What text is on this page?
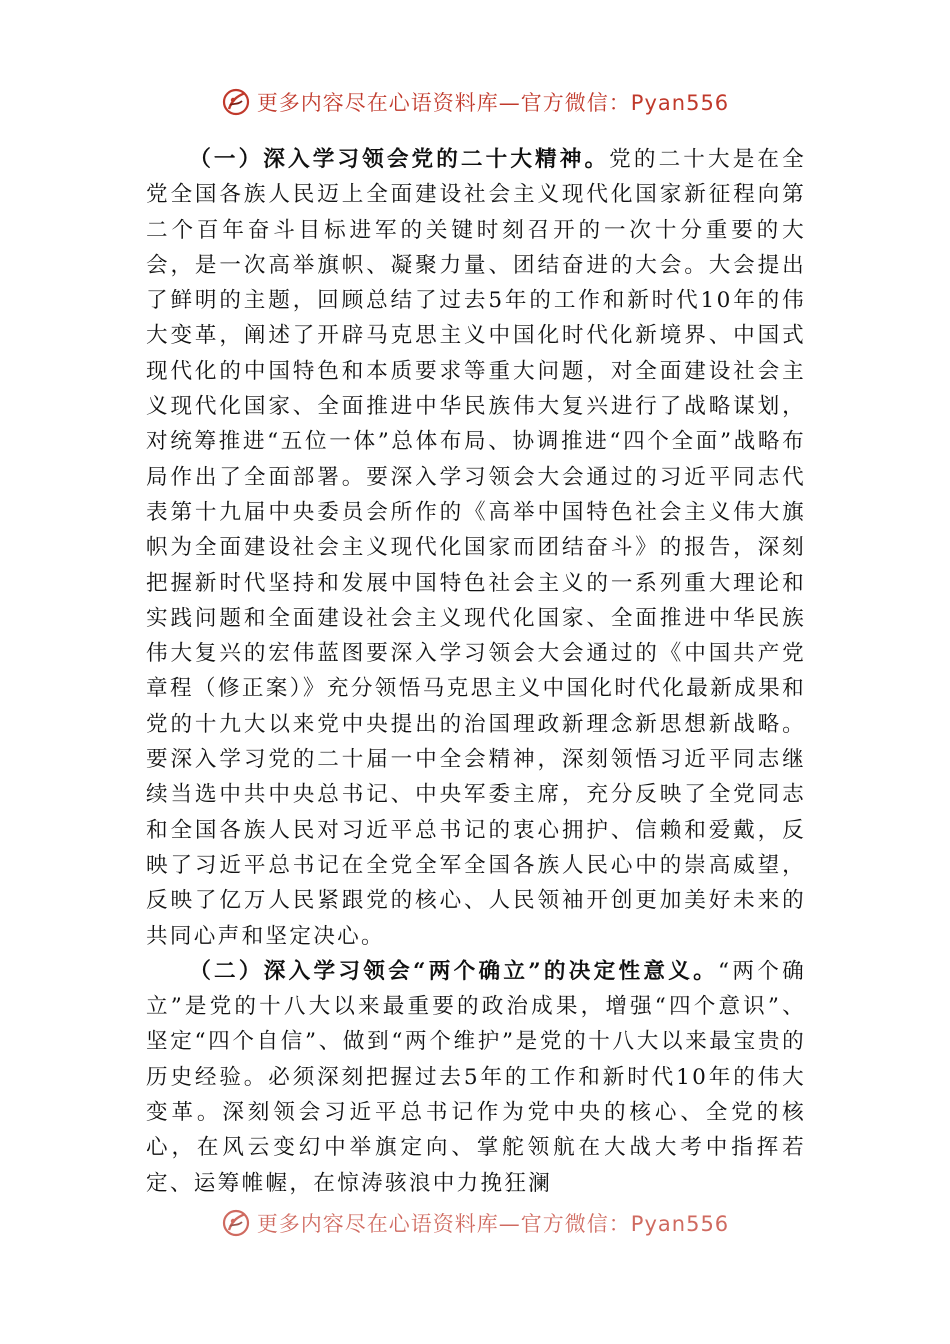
更多内容尽在心语资料库—官方微信：Pyan556

（一）深入学习领会党的二十大精神。党的二十大是在全党全国各族人民迈上全面建设社会主义现代化国家新征程向第二个百年奋斗目标进军的关键时刻召开的一次十分重要的大会，是一次高举旗帜、凝聚力量、团结奋进的大会。大会提出了鲜明的主题，回顾总结了过去5年的工作和新时代10年的伟大变革，阐述了开辟马克思主义中国化时代化新境界、中国式现代化的中国特色和本质要求等重大问题，对全面建设社会主义现代化国家、全面推进中华民族伟大复兴进行了战略谋划，对统筹推进“五位一体”总体布局、协调推进“四个全面”战略布局作出了全面部署。要深入学习领会大会通过的习近平同志代表第十九届中央委员会所作的《高举中国特色社会主义伟大旗帜为全面建设社会主义现代化国家而团结奋斗》的报告，深刻把握新时代坚持和发展中国特色社会主义的一系列重大理论和实践问题和全面建设社会主义现代化国家、全面推进中华民族伟大复兴的宏伟蓝图要深入学习领会大会通过的《中国共产党章程（修正案）》充分领悟马克思主义中国化时代化最新成果和党的十九大以来党中央提出的治国理政新理念新思想新战略。要深入学习党的二十届一中全会精神，深刻领悟习近平同志继续当选中共中央总书记、中央军委主席，充分反映了全党同志和全国各族人民对习近平总书记的衷心拥护、信赖和爱戴，反映了习近平总书记在全党全军全国各族人民心中的崇高威望，反映了亿万人民紧跟党的核心、人民领袖开创更加美好未来的共同心声和坚定决心。

（二）深入学习领会“两个确立”的决定性意义。“两个确立”是党的十八大以来最重要的政治成果，增强“四个意识”、坚定“四个自信”、做到“两个维护”是党的十八大以来最宝贵的历史经验。必须深刻把握过去5年的工作和新时代10年的伟大变革。深刻领会习近平总书记作为党中央的核心、全党的核心，在风云变幻中举旗定向、掌舵领航在大战大考中指挥若定、运筹帷幄，在惊涛骇浪中力挽狂澜

更多内容尽在心语资料库—官方微信：Pyan556
